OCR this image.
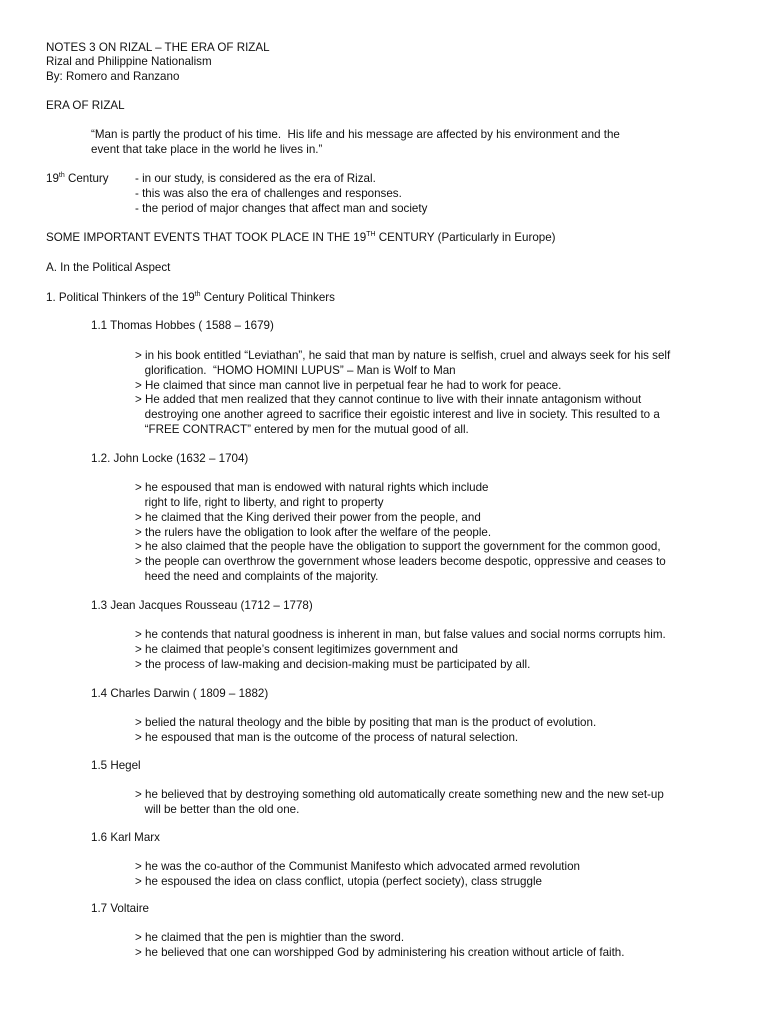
NOTES 3 ON RIZAL – THE ERA OF RIZAL
Rizal and Philippine Nationalism
By: Romero and Ranzano
ERA OF RIZAL
“Man is partly the product of his time.  His life and his message are affected by his environment and the
event that take place in the world he lives in.”
19th Century - in our study, is considered as the era of Rizal.
- this was also the era of challenges and responses.
- the period of major changes that affect man and society
SOME IMPORTANT EVENTS THAT TOOK PLACE IN THE 19TH CENTURY (Particularly in Europe)
A. In the Political Aspect
1. Political Thinkers of the 19th Century Political Thinkers
1.1 Thomas Hobbes ( 1588 – 1679)
> in his book entitled “Leviathan”, he said that man by nature is selfish, cruel and always seek for his self
glorification.  “HOMO HOMINI LUPUS” – Man is Wolf to Man
> He claimed that since man cannot live in perpetual fear he had to work for peace.
> He added that men realized that they cannot continue to live with their innate antagonism without
destroying one another agreed to sacrifice their egoistic interest and live in society. This resulted to a
“FREE CONTRACT” entered by men for the mutual good of all.
1.2. John Locke (1632 – 1704)
> he espoused that man is endowed with natural rights which include
right to life, right to liberty, and right to property
> he claimed that the King derived their power from the people, and
> the rulers have the obligation to look after the welfare of the people.
> he also claimed that the people have the obligation to support the government for the common good,
> the people can overthrow the government whose leaders become despotic, oppressive and ceases to
heed the need and complaints of the majority.
1.3 Jean Jacques Rousseau (1712 – 1778)
> he contends that natural goodness is inherent in man, but false values and social norms corrupts him.
> he claimed that people’s consent legitimizes government and
> the process of law-making and decision-making must be participated by all.
1.4 Charles Darwin ( 1809 – 1882)
> belied the natural theology and the bible by positing that man is the product of evolution.
> he espoused that man is the outcome of the process of natural selection.
1.5 Hegel
> he believed that by destroying something old automatically create something new and the new set-up
will be better than the old one.
1.6 Karl Marx
> he was the co-author of the Communist Manifesto which advocated armed revolution
> he espoused the idea on class conflict, utopia (perfect society), class struggle
1.7 Voltaire
> he claimed that the pen is mightier than the sword.
> he believed that one can worshipped God by administering his creation without article of faith.
